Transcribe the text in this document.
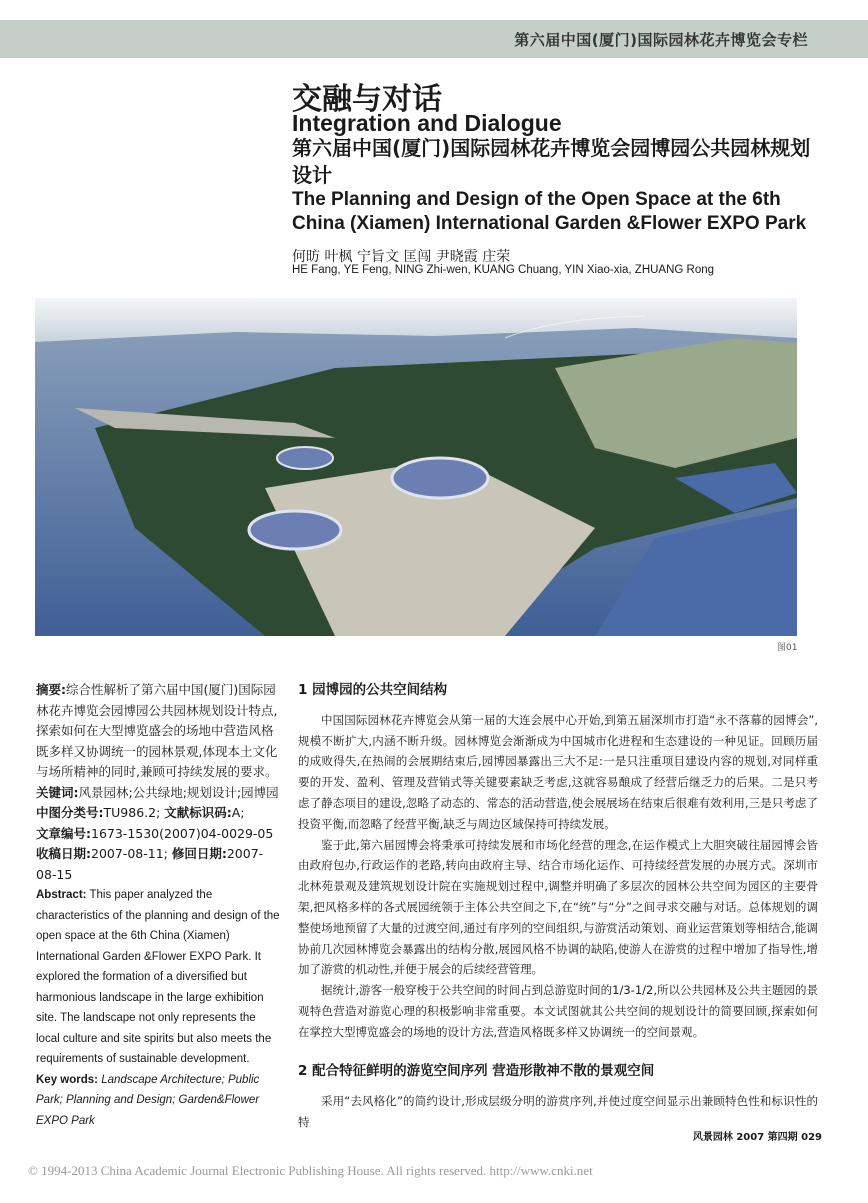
第六届中国(厦门)国际园林花卉博览会专栏
交融与对话
Integration and Dialogue
第六届中国(厦门)国际园林花卉博览会园博园公共园林规划设计
The Planning and Design of the Open Space at the 6th China (Xiamen) International Garden &Flower EXPO Park
何昉 叶枫 宁旨文 匡闯 尹晓霞 庄荣
HE Fang, YE Feng, NING Zhi-wen, KUANG Chuang, YIN Xiao-xia, ZHUANG Rong
图01

摘要:综合性解析了第六届中国(厦门)国际园林花卉博览会园博园公共园林规划设计特点,探索如何在大型博览盛会的场地中营造风格既多样又协调统一的园林景观,体现本土文化与场所精神的同时,兼顾可持续发展的要求。

关键词:风景园林;公共绿地;规划设计;园博园

中图分类号:TU986.2; 文献标识码:A;

文章编号:1673-1530(2007)04-0029-05

收稿日期:2007-08-11; 修回日期:2007-08-15

Abstract: This paper analyzed the characteristics of the planning and design of the open space at the 6th China (Xiamen) International Garden &Flower EXPO Park. It explored the formation of a diversified but harmonious landscape in the large exhibition site. The landscape not only represents the local culture and site spirits but also meets the requirements of sustainable development.

Key words: Landscape Architecture; Public Park; Planning and Design; Garden&Flower EXPO Park

1 园博园的公共空间结构

中国国际园林花卉博览会从第一届的大连会展中心开始,到第五届深圳市打造“永不落幕的园博会”,规模不断扩大,内涵不断升级。园林博览会渐渐成为中国城市化进程和生态建设的一种见证。回顾历届的成败得失,在热闹的会展期结束后,园博园暴露出三大不足:一是只注重项目建设内容的规划,对同样重要的开发、盈利、管理及营销式等关键要素缺乏考虑,这就容易酿成了经营后继乏力的后果。二是只考虑了静态项目的建设,忽略了动态的、常态的活动营造,使会展展场在结束后很难有效利用,三是只考虑了投资平衡,而忽略了经营平衡,缺乏与周边区域保持可持续发展。

鉴于此,第六届园博会将秉承可持续发展和市场化经营的理念,在运作模式上大胆突破往届园博会皆由政府包办,行政运作的老路,转向由政府主导、结合市场化运作、可持续经营发展的办展方式。深圳市北林苑景观及建筑规划设计院在实施规划过程中,调整并明确了多层次的园林公共空间为园区的主要骨架,把风格多样的各式展园统领于主体公共空间之下,在“统”与“分”之间寻求交融与对话。总体规划的调整使场地预留了大量的过渡空间,通过有序列的空间组织,与游赏活动策划、商业运营策划等相结合,能调协前几次园林博览会暴露出的结构分散,展园风格不协调的缺陷,使游人在游赏的过程中增加了指导性,增加了游赏的机动性,并便于展会的后续经营管理。

据统计,游客一般穿梭于公共空间的时间占到总游览时间的1/3-1/2,所以公共园林及公共主题园的景观特色营造对游览心理的积极影响非常重要。本文试图就其公共空间的规划设计的简要回顾,探索如何在掌控大型博览盛会的场地的设计方法,营造风格既多样又协调统一的空间景观。

2 配合特征鲜明的游览空间序列 营造形散神不散的景观空间

采用“去风格化”的简约设计,形成层级分明的游赏序列,并使过度空间显示出兼顾特色性和标识性的特

风景园林 2007 第四期 029
© 1994-2013 China Academic Journal Electronic Publishing House. All rights reserved. http://www.cnki.net
